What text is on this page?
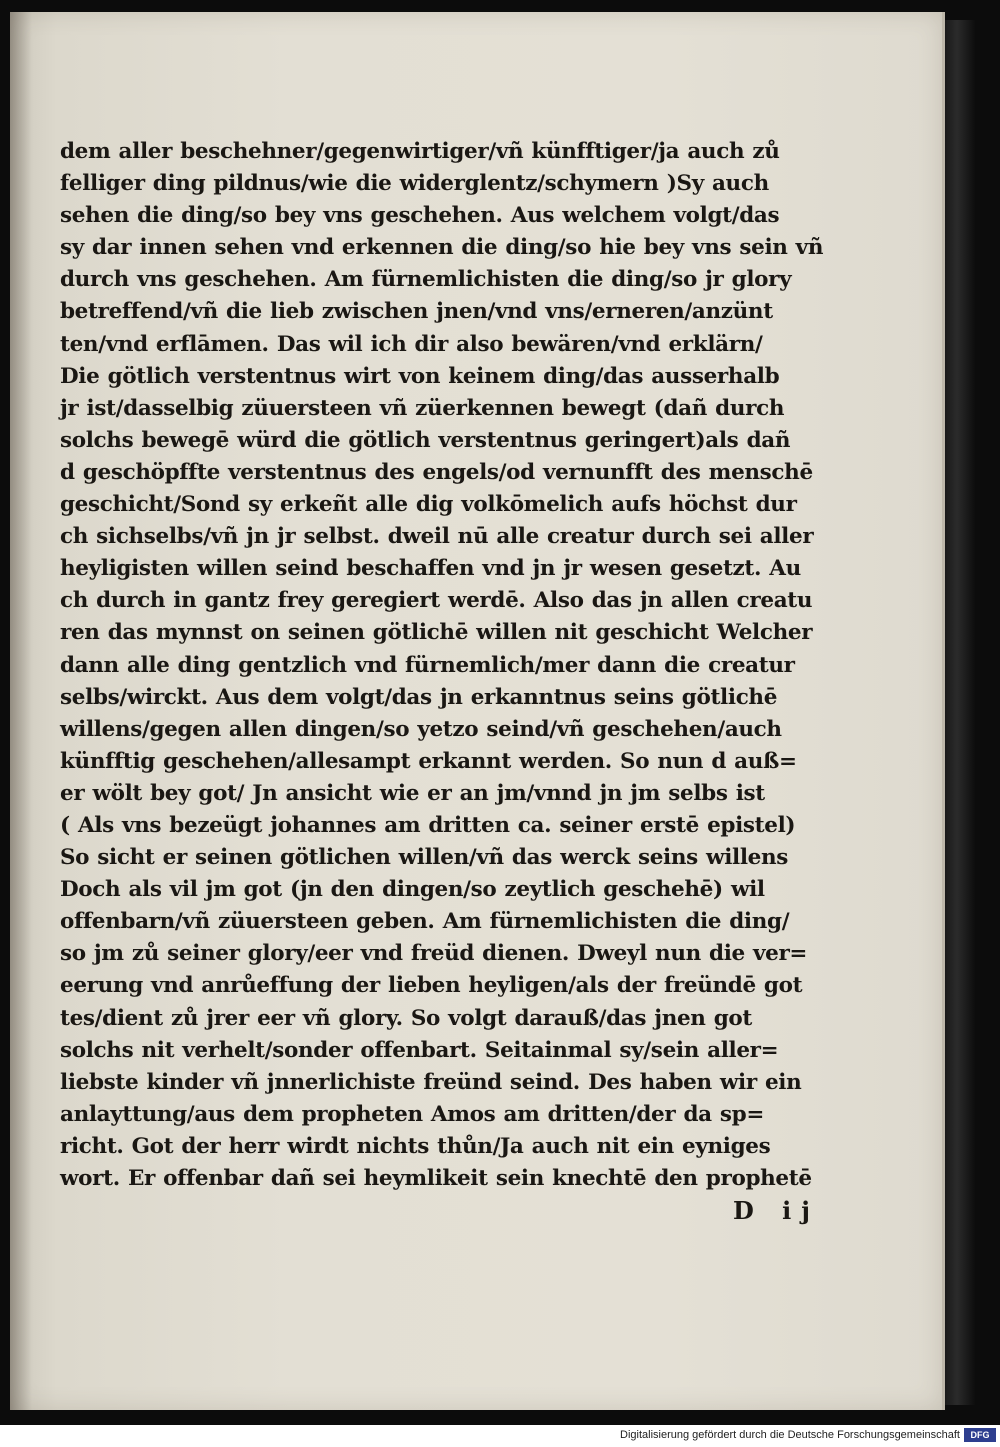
dem aller beschehner/gegenwirtiger/vñ künfftiger/ja auch zů
felliger ding pildnus/wie die widerglentz/schymern )Sy auch
sehen die ding/so bey vns geschehen. Aus welchem volgt/das
sy dar innen sehen vnd erkennen die ding/so hie bey vns sein vñ
durch vns geschehen. Am fürnemlichisten die ding/so jr glory
betreffend/vñ die lieb zwischen jnen/vnd vns/erneren/anzünt
ten/vnd erflāmen. Das wil ich dir also bewären/vnd erklärn/
Die götlich verstentnus wirt von keinem ding/das ausserhalb
jr ist/dasselbig züuersteen vñ züerkennen bewegt (dañ durch
solchs bewegē würd die götlich verstentnus geringert)als dañ
d geschöpffte verstentnus des engels/od vernunfft des menschē
geschicht/Sond sy erkeñt alle dig volkōmelich aufs höchst dur
ch sichselbs/vñ jn jr selbst. dweil nū alle creatur durch sei aller
heyligisten willen seind beschaffen vnd jn jr wesen gesetzt. Au
ch durch in gantz frey geregiert werdē. Also das jn allen creatu
ren das mynnst on seinen götlichē willen nit geschicht Welcher
dann alle ding gentzlich vnd fürnemlich/mer dann die creatur
selbs/wirckt. Aus dem volgt/das jn erkanntnus seins götlichē
willens/gegen allen dingen/so yetzo seind/vñ geschehen/auch
künfftig geschehen/allesampt erkannt werden. So nun d auß=
er wölt bey got/ Jn ansicht wie er an jm/vnnd jn jm selbs ist
( Als vns bezeügt johannes am dritten ca. seiner erstē epistel)
So sicht er seinen götlichen willen/vñ das werck seins willens
Doch als vil jm got (jn den dingen/so zeytlich geschehē) wil
offenbarn/vñ züuersteen geben. Am fürnemlichisten die ding/
so jm zů seiner glory/eer vnd freüd dienen. Dweyl nun die ver=
eerung vnd anrůeffung der lieben heyligen/als der freündē got
tes/dient zů jrer eer vñ glory. So volgt darauß/das jnen got
solchs nit verhelt/sonder offenbart. Seitainmal sy/sein aller=
liebste kinder vñ jnnerlichiste freünd seind. Des haben wir ein
anlayttung/aus dem propheten Amos am dritten/der da sp=
richt. Got der herr wirdt nichts thůn/Ja auch nit ein eyniges
wort. Er offenbar dañ sei heymlikeit sein knechtē den prophetē
D ij
Digitalisierung gefördert durch die Deutsche Forschungsgemeinschaft	DFG
